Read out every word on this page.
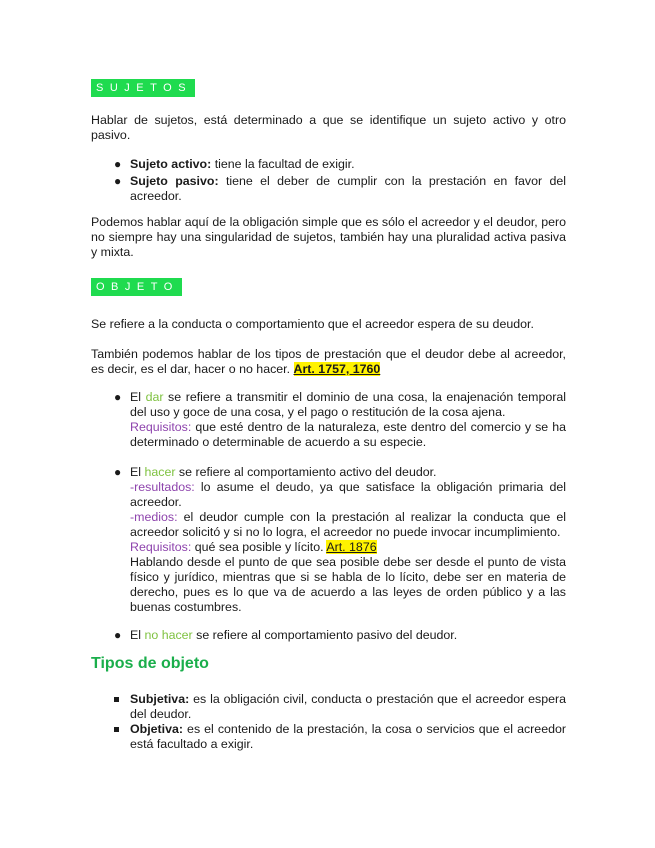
SUJETOS

Hablar de sujetos, está determinado a que se identifique un sujeto activo y otro pasivo.

● Sujeto activo: tiene la facultad de exigir.
● Sujeto pasivo: tiene el deber de cumplir con la prestación en favor del acreedor.

Podemos hablar aquí de la obligación simple que es sólo el acreedor y el deudor, pero no siempre hay una singularidad de sujetos, también hay una pluralidad activa pasiva y mixta.

OBJETO

Se refiere a la conducta o comportamiento que el acreedor espera de su deudor.

También podemos hablar de los tipos de prestación que el deudor debe al acreedor, es decir, es el dar, hacer o no hacer. Art. 1757, 1760

● El dar se refiere a transmitir el dominio de una cosa, la enajenación temporal del uso y goce de una cosa, y el pago o restitución de la cosa ajena.
Requisitos: que esté dentro de la naturaleza, este dentro del comercio y se ha determinado o determinable de acuerdo a su especie.
● El hacer se refiere al comportamiento activo del deudor.
-resultados: lo asume el deudo, ya que satisface la obligación primaria del acreedor.
-medios: el deudor cumple con la prestación al realizar la conducta que el acreedor solicitó y si no lo logra, el acreedor no puede invocar incumplimiento.
Requisitos: qué sea posible y lícito. Art. 1876
Hablando desde el punto de que sea posible debe ser desde el punto de vista físico y jurídico, mientras que si se habla de lo lícito, debe ser en materia de derecho, pues es lo que va de acuerdo a las leyes de orden público y a las buenas costumbres.
● El no hacer se refiere al comportamiento pasivo del deudor.
Tipos de objeto
Subjetiva: es la obligación civil, conducta o prestación que el acreedor espera del deudor.
Objetiva: es el contenido de la prestación, la cosa o servicios que el acreedor está facultado a exigir.
